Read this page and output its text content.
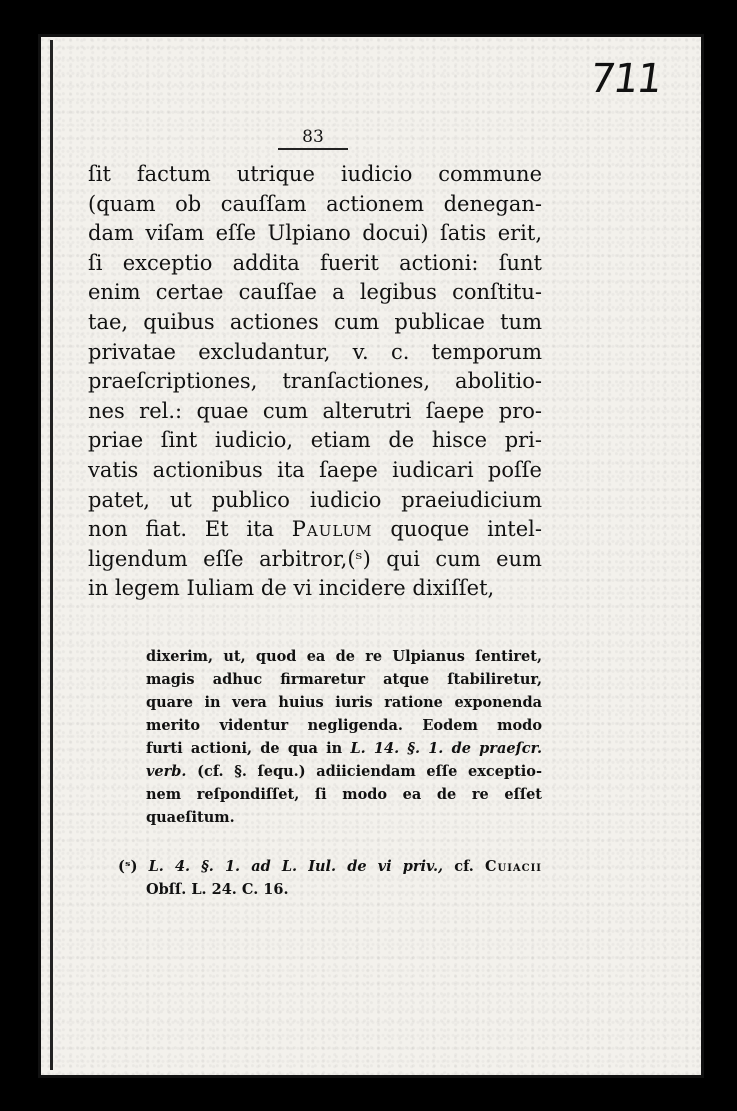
711
83
ſit factum utrique iudicio commune
(quam ob cauſſam actionem denegan-
dam viſam eſſe Ulpiano docui) ſatis erit,
ſi exceptio addita fuerit actioni: ſunt
enim certae cauſſae a legibus conſtitu-
tae, quibus actiones cum publicae tum
privatae excludantur, v. c. temporum
praeſcriptiones, tranſactiones, abolitio-
nes rel.: quae cum alterutri ſaepe pro-
priae ſint iudicio, etiam de hisce pri-
vatis actionibus ita ſaepe iudicari poſſe
patet, ut publico iudicio praeiudicium
non fiat. Et ita Paulum quoque intel-
ligendum eſſe arbitror,(ˢ) qui cum eum
in legem Iuliam de vi incidere dixiſſet,
dixerim, ut, quod ea de re Ulpianus ſentiret,
magis adhuc firmaretur atque ſtabiliretur,
quare in vera huius iuris ratione exponenda
merito videntur negligenda. Eodem modo
furti actioni, de qua in L. 14. §. 1. de praeſcr.
verb. (cf. §. ſequ.) adiiciendam eſſe exceptio-
nem reſpondiſſet, ſi modo ea de re eſſet
quaeſitum.
(ˢ) L. 4. §. 1. ad L. Iul. de vi priv., cf. Cuiacii
Obſſ. L. 24. C. 16.
